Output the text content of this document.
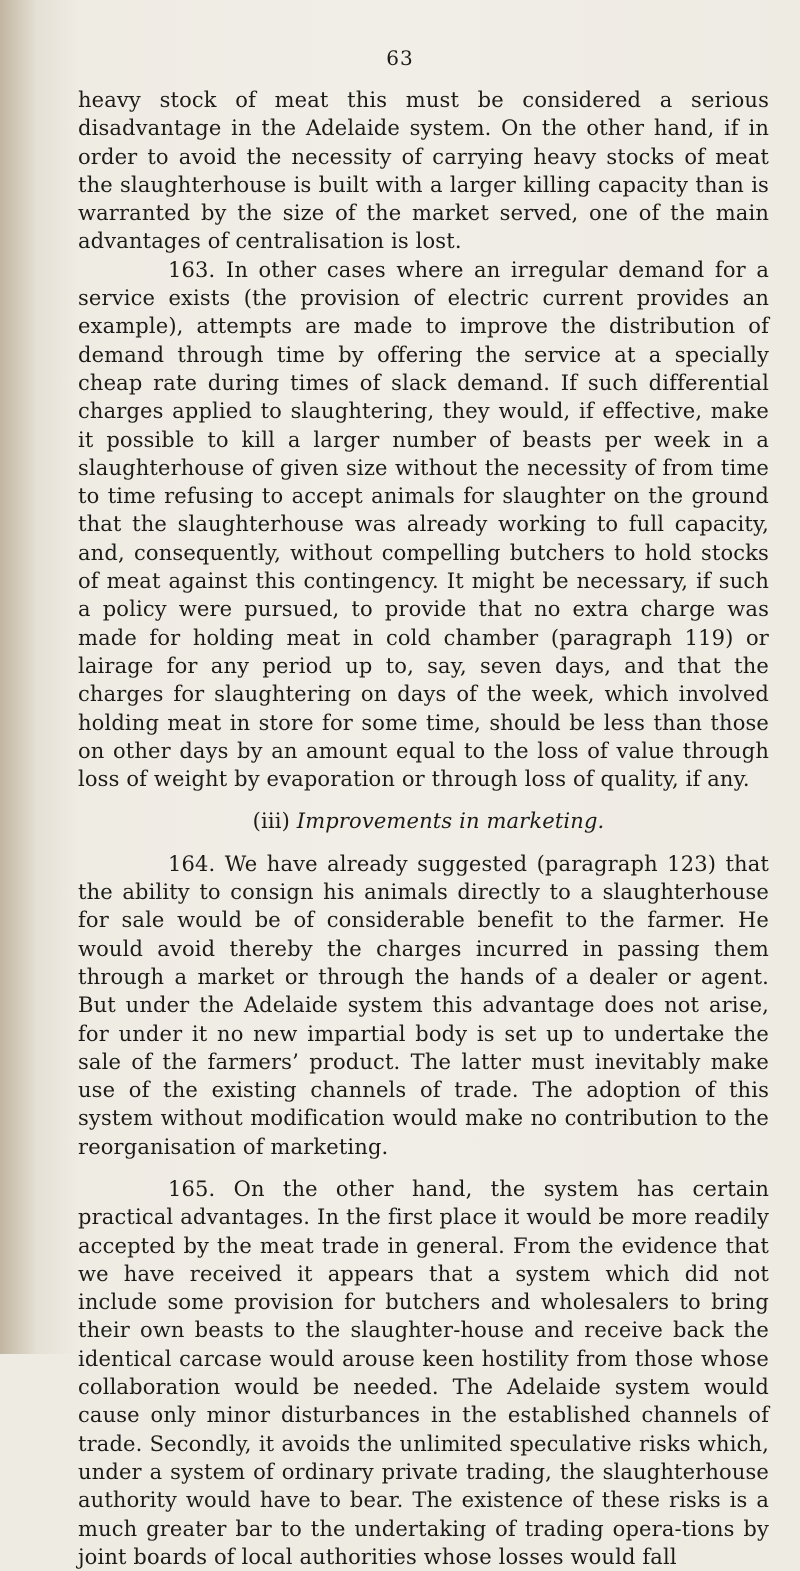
63

heavy stock of meat this must be considered a serious disadvantage in the Adelaide system. On the other hand, if in order to avoid the necessity of carrying heavy stocks of meat the slaughterhouse is built with a larger killing capacity than is warranted by the size of the market served, one of the main advantages of centralisation is lost.

163. In other cases where an irregular demand for a service exists (the provision of electric current provides an example), attempts are made to improve the distribution of demand through time by offering the service at a specially cheap rate during times of slack demand. If such differential charges applied to slaughtering, they would, if effective, make it possible to kill a larger number of beasts per week in a slaughterhouse of given size without the necessity of from time to time refusing to accept animals for slaughter on the ground that the slaughterhouse was already working to full capacity, and, consequently, without compelling butchers to hold stocks of meat against this contingency. It might be necessary, if such a policy were pursued, to provide that no extra charge was made for holding meat in cold chamber (paragraph 119) or lairage for any period up to, say, seven days, and that the charges for slaughtering on days of the week, which involved holding meat in store for some time, should be less than those on other days by an amount equal to the loss of value through loss of weight by evaporation or through loss of quality, if any.

(iii) Improvements in marketing.

164. We have already suggested (paragraph 123) that the ability to consign his animals directly to a slaughterhouse for sale would be of considerable benefit to the farmer. He would avoid thereby the charges incurred in passing them through a market or through the hands of a dealer or agent. But under the Adelaide system this advantage does not arise, for under it no new impartial body is set up to undertake the sale of the farmers’ product. The latter must inevitably make use of the existing channels of trade. The adoption of this system without modification would make no contribution to the reorganisation of marketing.

165. On the other hand, the system has certain practical advantages. In the first place it would be more readily accepted by the meat trade in general. From the evidence that we have received it appears that a system which did not include some provision for butchers and wholesalers to bring their own beasts to the slaughter-house and receive back the identical carcase would arouse keen hostility from those whose collaboration would be needed. The Adelaide system would cause only minor disturbances in the established channels of trade. Secondly, it avoids the unlimited speculative risks which, under a system of ordinary private trading, the slaughterhouse authority would have to bear. The existence of these risks is a much greater bar to the undertaking of trading opera-tions by joint boards of local authorities whose losses would fall
